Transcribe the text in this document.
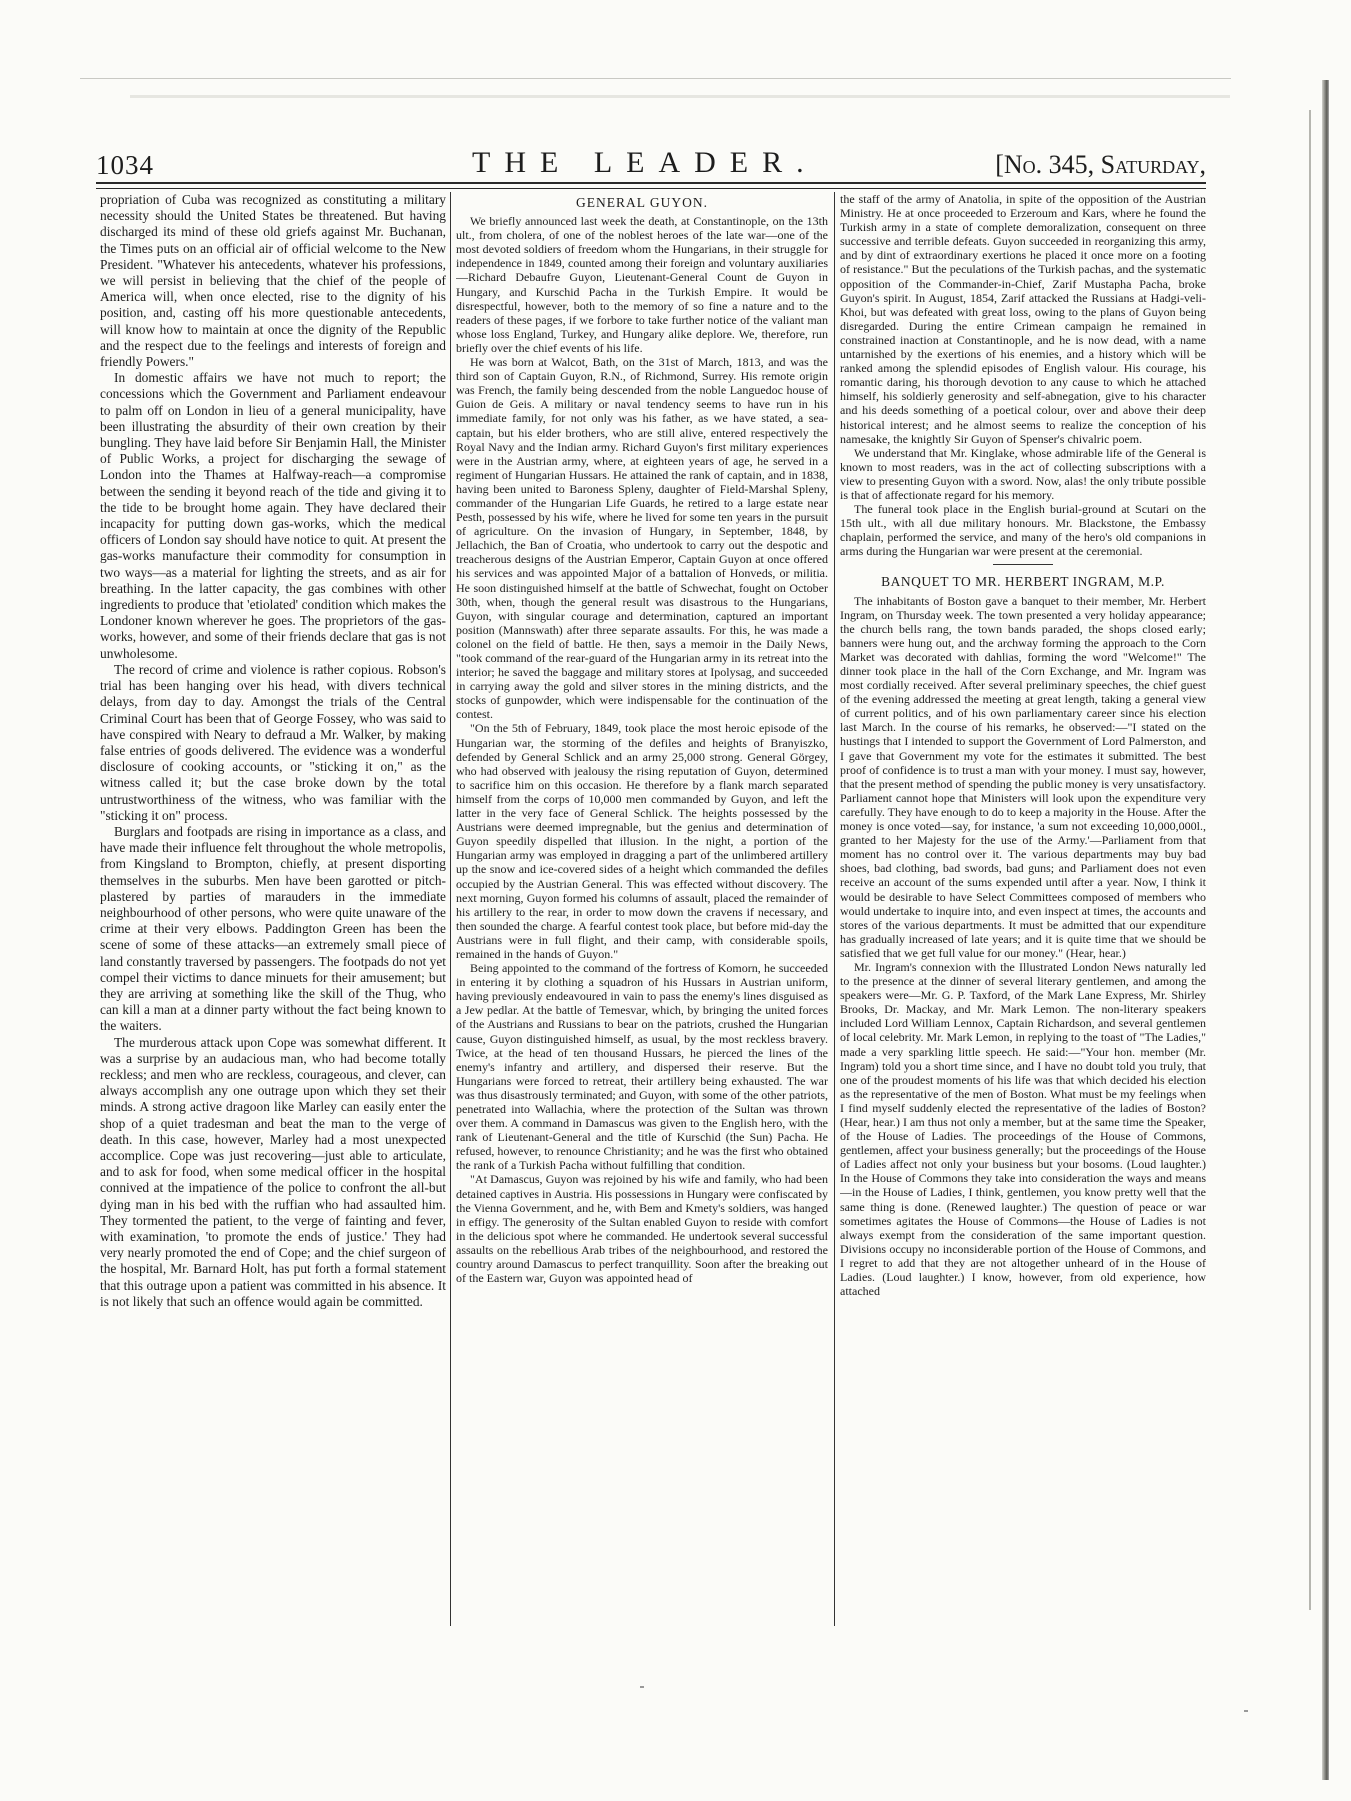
1034	THE LEADER.	[No. 345, Saturday,

propriation of Cuba was recognized as constituting a military necessity should the United States be threatened. But having discharged its mind of these old griefs against Mr. Buchanan, the Times puts on an official air of official welcome to the New President. "Whatever his antecedents, whatever his professions, we will persist in believing that the chief of the people of America will, when once elected, rise to the dignity of his position, and, casting off his more questionable antecedents, will know how to maintain at once the dignity of the Republic and the respect due to the feelings and interests of foreign and friendly Powers."

In domestic affairs we have not much to report; the concessions which the Government and Parliament endeavour to palm off on London in lieu of a general municipality, have been illustrating the absurdity of their own creation by their bungling. They have laid before Sir Benjamin Hall, the Minister of Public Works, a project for discharging the sewage of London into the Thames at Halfway-reach—a compromise between the sending it beyond reach of the tide and giving it to the tide to be brought home again. They have declared their incapacity for putting down gas-works, which the medical officers of London say should have notice to quit. At present the gas-works manufacture their commodity for consumption in two ways—as a material for lighting the streets, and as air for breathing. In the latter capacity, the gas combines with other ingredients to produce that 'etiolated' condition which makes the Londoner known wherever he goes. The proprietors of the gas-works, however, and some of their friends declare that gas is not unwholesome.

The record of crime and violence is rather copious. Robson's trial has been hanging over his head, with divers technical delays, from day to day. Amongst the trials of the Central Criminal Court has been that of George Fossey, who was said to have conspired with Neary to defraud a Mr. Walker, by making false entries of goods delivered. The evidence was a wonderful disclosure of cooking accounts, or "sticking it on," as the witness called it; but the case broke down by the total untrustworthiness of the witness, who was familiar with the "sticking it on" process.

Burglars and footpads are rising in importance as a class, and have made their influence felt throughout the whole metropolis, from Kingsland to Brompton, chiefly, at present disporting themselves in the suburbs. Men have been garotted or pitch-plastered by parties of marauders in the immediate neighbourhood of other persons, who were quite unaware of the crime at their very elbows. Paddington Green has been the scene of some of these attacks—an extremely small piece of land constantly traversed by passengers. The footpads do not yet compel their victims to dance minuets for their amusement; but they are arriving at something like the skill of the Thug, who can kill a man at a dinner party without the fact being known to the waiters.

The murderous attack upon Cope was somewhat different. It was a surprise by an audacious man, who had become totally reckless; and men who are reckless, courageous, and clever, can always accomplish any one outrage upon which they set their minds. A strong active dragoon like Marley can easily enter the shop of a quiet tradesman and beat the man to the verge of death. In this case, however, Marley had a most unexpected accomplice. Cope was just recovering—just able to articulate, and to ask for food, when some medical officer in the hospital connived at the impatience of the police to confront the all-but dying man in his bed with the ruffian who had assaulted him. They tormented the patient, to the verge of fainting and fever, with examination, 'to promote the ends of justice.' They had very nearly promoted the end of Cope; and the chief surgeon of the hospital, Mr. Barnard Holt, has put forth a formal statement that this outrage upon a patient was committed in his absence. It is not likely that such an offence would again be committed.

GENERAL GUYON.

We briefly announced last week the death, at Constantinople, on the 13th ult., from cholera, of one of the noblest heroes of the late war—one of the most devoted soldiers of freedom whom the Hungarians, in their struggle for independence in 1849, counted among their foreign and voluntary auxiliaries—Richard Debaufre Guyon, Lieutenant-General Count de Guyon in Hungary, and Kurschid Pacha in the Turkish Empire. It would be disrespectful, however, both to the memory of so fine a nature and to the readers of these pages, if we forbore to take further notice of the valiant man whose loss England, Turkey, and Hungary alike deplore. We, therefore, run briefly over the chief events of his life.

He was born at Walcot, Bath, on the 31st of March, 1813, and was the third son of Captain Guyon, R.N., of Richmond, Surrey. His remote origin was French, the family being descended from the noble Languedoc house of Guion de Geis. A military or naval tendency seems to have run in his immediate family, for not only was his father, as we have stated, a sea-captain, but his elder brothers, who are still alive, entered respectively the Royal Navy and the Indian army. Richard Guyon's first military experiences were in the Austrian army, where, at eighteen years of age, he served in a regiment of Hungarian Hussars. He attained the rank of captain, and in 1838, having been united to Baroness Spleny, daughter of Field-Marshal Spleny, commander of the Hungarian Life Guards, he retired to a large estate near Pesth, possessed by his wife, where he lived for some ten years in the pursuit of agriculture. On the invasion of Hungary, in September, 1848, by Jellachich, the Ban of Croatia, who undertook to carry out the despotic and treacherous designs of the Austrian Emperor, Captain Guyon at once offered his services and was appointed Major of a battalion of Honveds, or militia. He soon distinguished himself at the battle of Schwechat, fought on October 30th, when, though the general result was disastrous to the Hungarians, Guyon, with singular courage and determination, captured an important position (Mannswath) after three separate assaults. For this, he was made a colonel on the field of battle. He then, says a memoir in the Daily News, "took command of the rear-guard of the Hungarian army in its retreat into the interior; he saved the baggage and military stores at Ipolysag, and succeeded in carrying away the gold and silver stores in the mining districts, and the stocks of gunpowder, which were indispensable for the continuation of the contest.

"On the 5th of February, 1849, took place the most heroic episode of the Hungarian war, the storming of the defiles and heights of Branyiszko, defended by General Schlick and an army 25,000 strong. General Görgey, who had observed with jealousy the rising reputation of Guyon, determined to sacrifice him on this occasion. He therefore by a flank march separated himself from the corps of 10,000 men commanded by Guyon, and left the latter in the very face of General Schlick. The heights possessed by the Austrians were deemed impregnable, but the genius and determination of Guyon speedily dispelled that illusion. In the night, a portion of the Hungarian army was employed in dragging a part of the unlimbered artillery up the snow and ice-covered sides of a height which commanded the defiles occupied by the Austrian General. This was effected without discovery. The next morning, Guyon formed his columns of assault, placed the remainder of his artillery to the rear, in order to mow down the cravens if necessary, and then sounded the charge. A fearful contest took place, but before mid-day the Austrians were in full flight, and their camp, with considerable spoils, remained in the hands of Guyon."

Being appointed to the command of the fortress of Komorn, he succeeded in entering it by clothing a squadron of his Hussars in Austrian uniform, having previously endeavoured in vain to pass the enemy's lines disguised as a Jew pedlar. At the battle of Temesvar, which, by bringing the united forces of the Austrians and Russians to bear on the patriots, crushed the Hungarian cause, Guyon distinguished himself, as usual, by the most reckless bravery. Twice, at the head of ten thousand Hussars, he pierced the lines of the enemy's infantry and artillery, and dispersed their reserve. But the Hungarians were forced to retreat, their artillery being exhausted. The war was thus disastrously terminated; and Guyon, with some of the other patriots, penetrated into Wallachia, where the protection of the Sultan was thrown over them. A command in Damascus was given to the English hero, with the rank of Lieutenant-General and the title of Kurschid (the Sun) Pacha. He refused, however, to renounce Christianity; and he was the first who obtained the rank of a Turkish Pacha without fulfilling that condition.

"At Damascus, Guyon was rejoined by his wife and family, who had been detained captives in Austria. His possessions in Hungary were confiscated by the Vienna Government, and he, with Bem and Kmety's soldiers, was hanged in effigy. The generosity of the Sultan enabled Guyon to reside with comfort in the delicious spot where he commanded. He undertook several successful assaults on the rebellious Arab tribes of the neighbourhood, and restored the country around Damascus to perfect tranquillity. Soon after the breaking out of the Eastern war, Guyon was appointed head of

the staff of the army of Anatolia, in spite of the opposition of the Austrian Ministry. He at once proceeded to Erzeroum and Kars, where he found the Turkish army in a state of complete demoralization, consequent on three successive and terrible defeats. Guyon succeeded in reorganizing this army, and by dint of extraordinary exertions he placed it once more on a footing of resistance." But the peculations of the Turkish pachas, and the systematic opposition of the Commander-in-Chief, Zarif Mustapha Pacha, broke Guyon's spirit. In August, 1854, Zarif attacked the Russians at Hadgi-veli-Khoi, but was defeated with great loss, owing to the plans of Guyon being disregarded. During the entire Crimean campaign he remained in constrained inaction at Constantinople, and he is now dead, with a name untarnished by the exertions of his enemies, and a history which will be ranked among the splendid episodes of English valour. His courage, his romantic daring, his thorough devotion to any cause to which he attached himself, his soldierly generosity and self-abnegation, give to his character and his deeds something of a poetical colour, over and above their deep historical interest; and he almost seems to realize the conception of his namesake, the knightly Sir Guyon of Spenser's chivalric poem.

We understand that Mr. Kinglake, whose admirable life of the General is known to most readers, was in the act of collecting subscriptions with a view to presenting Guyon with a sword. Now, alas! the only tribute possible is that of affectionate regard for his memory.

The funeral took place in the English burial-ground at Scutari on the 15th ult., with all due military honours. Mr. Blackstone, the Embassy chaplain, performed the service, and many of the hero's old companions in arms during the Hungarian war were present at the ceremonial.

BANQUET TO MR. HERBERT INGRAM, M.P.

The inhabitants of Boston gave a banquet to their member, Mr. Herbert Ingram, on Thursday week. The town presented a very holiday appearance; the church bells rang, the town bands paraded, the shops closed early; banners were hung out, and the archway forming the approach to the Corn Market was decorated with dahlias, forming the word "Welcome!" The dinner took place in the hall of the Corn Exchange, and Mr. Ingram was most cordially received. After several preliminary speeches, the chief guest of the evening addressed the meeting at great length, taking a general view of current politics, and of his own parliamentary career since his election last March. In the course of his remarks, he observed:—"I stated on the hustings that I intended to support the Government of Lord Palmerston, and I gave that Government my vote for the estimates it submitted. The best proof of confidence is to trust a man with your money. I must say, however, that the present method of spending the public money is very unsatisfactory. Parliament cannot hope that Ministers will look upon the expenditure very carefully. They have enough to do to keep a majority in the House. After the money is once voted—say, for instance, 'a sum not exceeding 10,000,000l., granted to her Majesty for the use of the Army.'—Parliament from that moment has no control over it. The various departments may buy bad shoes, bad clothing, bad swords, bad guns; and Parliament does not even receive an account of the sums expended until after a year. Now, I think it would be desirable to have Select Committees composed of members who would undertake to inquire into, and even inspect at times, the accounts and stores of the various departments. It must be admitted that our expenditure has gradually increased of late years; and it is quite time that we should be satisfied that we get full value for our money." (Hear, hear.)

Mr. Ingram's connexion with the Illustrated London News naturally led to the presence at the dinner of several literary gentlemen, and among the speakers were—Mr. G. P. Taxford, of the Mark Lane Express, Mr. Shirley Brooks, Dr. Mackay, and Mr. Mark Lemon. The non-literary speakers included Lord William Lennox, Captain Richardson, and several gentlemen of local celebrity. Mr. Mark Lemon, in replying to the toast of "The Ladies," made a very sparkling little speech. He said:—"Your hon. member (Mr. Ingram) told you a short time since, and I have no doubt told you truly, that one of the proudest moments of his life was that which decided his election as the representative of the men of Boston. What must be my feelings when I find myself suddenly elected the representative of the ladies of Boston? (Hear, hear.) I am thus not only a member, but at the same time the Speaker, of the House of Ladies. The proceedings of the House of Commons, gentlemen, affect your business generally; but the proceedings of the House of Ladies affect not only your business but your bosoms. (Loud laughter.) In the House of Commons they take into consideration the ways and means—in the House of Ladies, I think, gentlemen, you know pretty well that the same thing is done. (Renewed laughter.) The question of peace or war sometimes agitates the House of Commons—the House of Ladies is not always exempt from the consideration of the same important question. Divisions occupy no inconsiderable portion of the House of Commons, and I regret to add that they are not altogether unheard of in the House of Ladies. (Loud laughter.) I know, however, from old experience, how attached
